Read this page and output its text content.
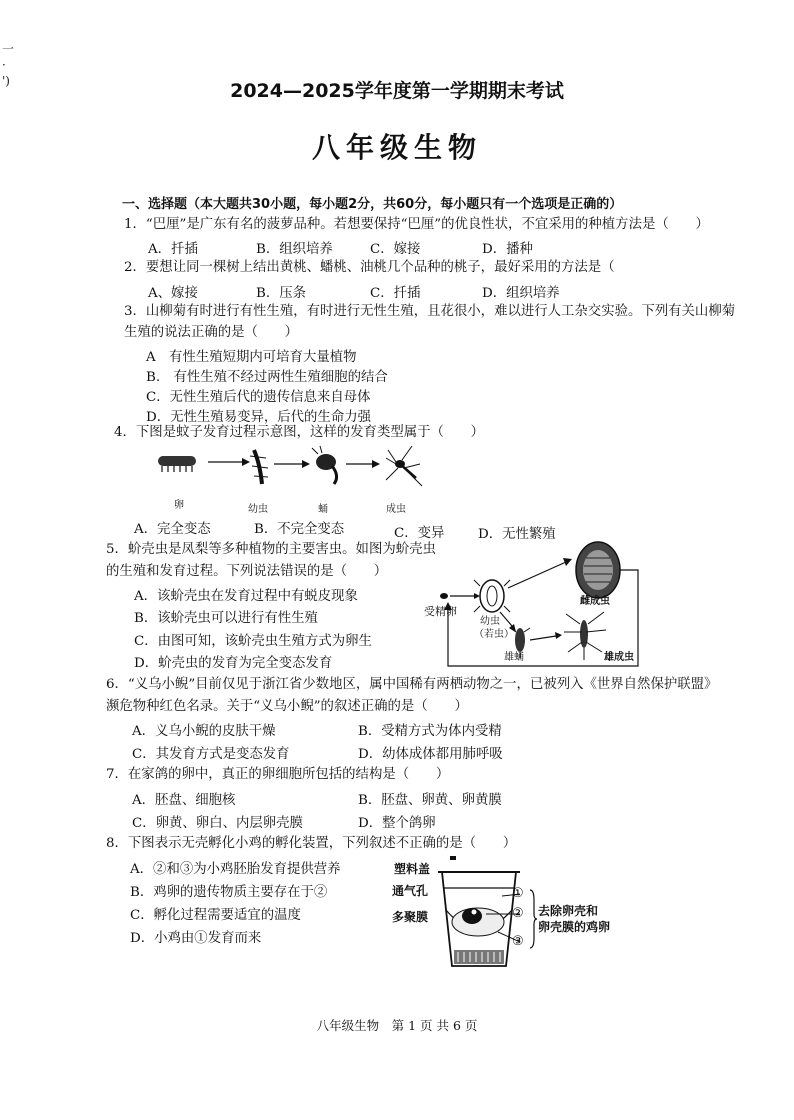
一
·
')	2024—2025学年度第一学期期末考试
八年级生物
一、选择题（本大题共30小题，每小题2分，共60分，每小题只有一个选项是正确的）
1．“巴厘”是广东有名的菠萝品种。若想要保持“巴厘”的优良性状，不宜采用的种植方法是（　　）
A．扦插	B．组织培养	C．嫁接	D．播种
2．要想让同一棵树上结出黄桃、蟠桃、油桃几个品种的桃子，最好采用的方法是（
A、嫁接	B．压条	C．扦插	D．组织培养
3．山柳菊有时进行有性生殖，有时进行无性生殖，且花很小，难以进行人工杂交实验。下列有关山柳菊
生殖的说法正确的是（　　）
A　有性生殖短期内可培育大量植物
B.　有性生殖不经过两性生殖细胞的结合
C．无性生殖后代的遗传信息来自母体
D．无性生殖易变异，后代的生命力强
4．下图是蚊子发育过程示意图，这样的发育类型属于（　　）
卵	幼虫	蛹	成虫
A．完全变态	B．不完全变态	C．变异	D．无性繁殖
5．蚧壳虫是凤梨等多种植物的主要害虫。如图为蚧壳虫
的生殖和发育过程。下列说法错误的是（　　）
A．该蚧壳虫在发育过程中有蜕皮现象
B．该蚧壳虫可以进行有性生殖
C．由图可知，该蚧壳虫生殖方式为卵生
D．蚧壳虫的发育为完全变态发育
受精卵
幼虫
（若虫）
雌成虫
雄蛹	雄成虫
6．“义乌小鲵”目前仅见于浙江省少数地区，属中国稀有两栖动物之一，已被列入《世界自然保护联盟》
濒危物种红色名录。关于“义乌小鲵”的叙述正确的是（　　）
A．义乌小鲵的皮肤干燥	B．受精方式为体内受精
C．其发育方式是变态发育	D．幼体成体都用肺呼吸
7．在家鸽的卵中，真正的卵细胞所包括的结构是（　　）
A．胚盘、细胞核	B．胚盘、卵黄、卵黄膜
C．卵黄、卵白、内层卵壳膜	D．整个鸽卵
8．下图表示无壳孵化小鸡的孵化装置，下列叙述不正确的是（　　）
A．②和③为小鸡胚胎发育提供营养
B．鸡卵的遗传物质主要存在于②
C．孵化过程需要适宜的温度
D．小鸡由①发育而来
塑料盖
通气孔
多聚膜
①
②
③
去除卵壳和
卵壳膜的鸡卵
八年级生物　第 1 页 共 6 页
